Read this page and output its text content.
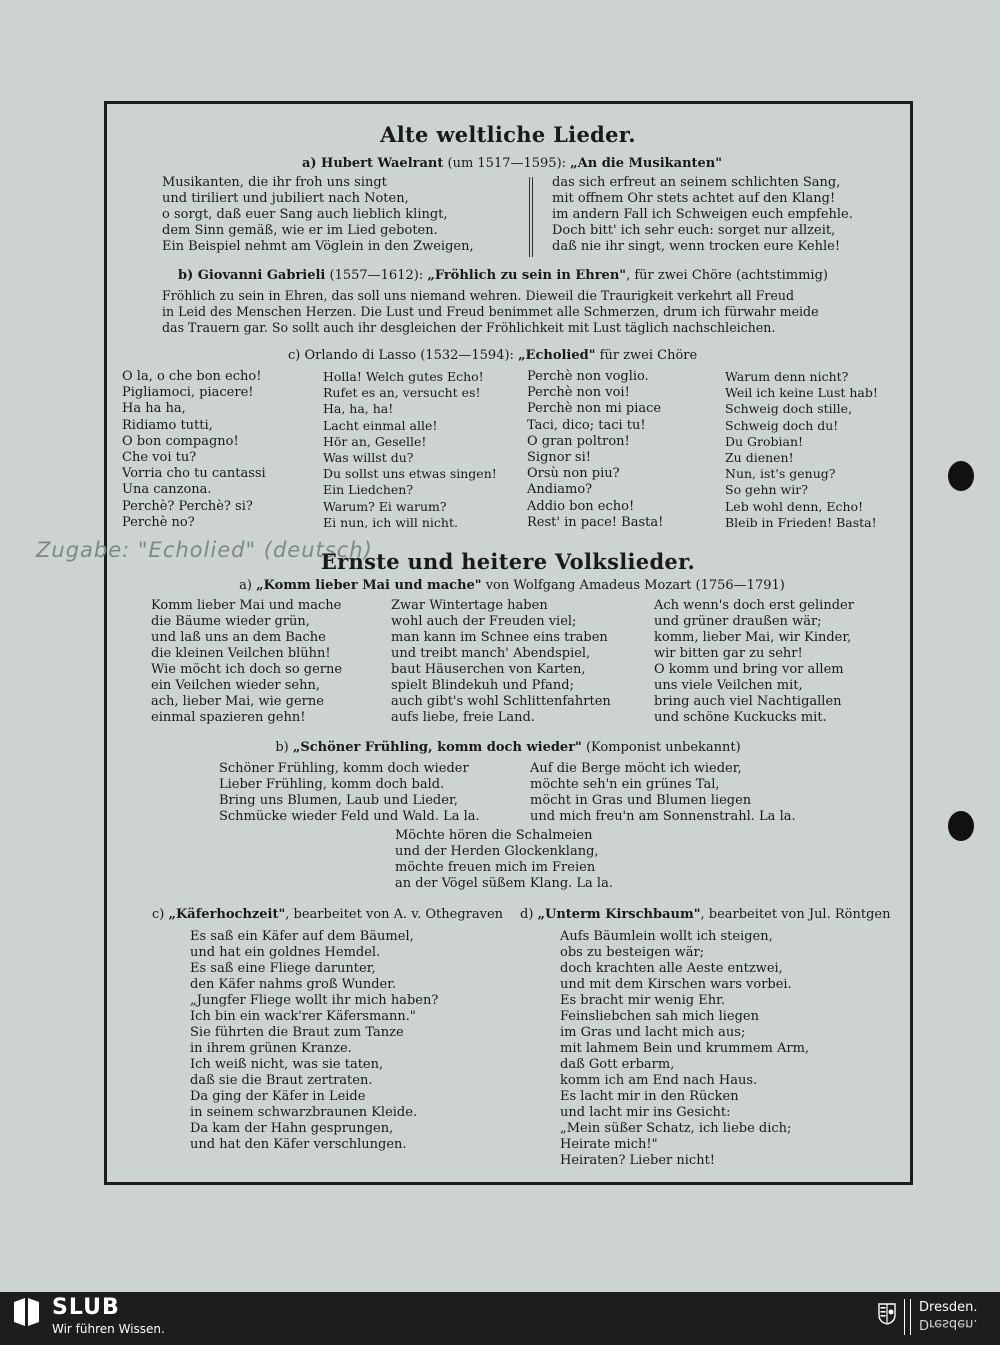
Alte weltliche Lieder.
a) Hubert Waelrant (um 1517—1595): „An die Musikanten"
Musikanten, die ihr froh uns singt
und tiriliert und jubiliert nach Noten,
o sorgt, daß euer Sang auch lieblich klingt,
dem Sinn gemäß, wie er im Lied geboten.
Ein Beispiel nehmt am Vöglein in den Zweigen,
das sich erfreut an seinem schlichten Sang,
mit offnem Ohr stets achtet auf den Klang!
im andern Fall ich Schweigen euch empfehle.
Doch bitt' ich sehr euch: sorget nur allzeit,
daß nie ihr singt, wenn trocken eure Kehle!
b) Giovanni Gabrieli (1557—1612): „Fröhlich zu sein in Ehren", für zwei Chöre (achtstimmig)
Fröhlich zu sein in Ehren, das soll uns niemand wehren. Dieweil die Traurigkeit verkehrt all Freud
in Leid des Menschen Herzen. Die Lust und Freud benimmet alle Schmerzen, drum ich fürwahr meide
das Trauern gar. So sollt auch ihr desgleichen der Fröhlichkeit mit Lust täglich nachschleichen.
c) Orlando di Lasso (1532—1594): „Echolied" für zwei Chöre
O la, o che bon echo!
Pigliamoci, piacere!
Ha ha ha,
Ridiamo tutti,
O bon compagno!
Che voi tu?
Vorria cho tu cantassi
Una canzona.
Perchè? Perchè? si?
Perchè no?
Holla! Welch gutes Echo!
Rufet es an, versucht es!
Ha, ha, ha!
Lacht einmal alle!
Hör an, Geselle!
Was willst du?
Du sollst uns etwas singen!
Ein Liedchen?
Warum? Ei warum?
Ei nun, ich will nicht.
Perchè non voglio.
Perchè non voi!
Perchè non mi piace
Taci, dico; taci tu!
O gran poltron!
Signor si!
Orsù non piu?
Andiamo?
Addio bon echo!
Rest' in pace! Basta!
Warum denn nicht?
Weil ich keine Lust hab!
Schweig doch stille,
Schweig doch du!
Du Grobian!
Zu dienen!
Nun, ist's genug?
So gehn wir?
Leb wohl denn, Echo!
Bleib in Frieden! Basta!
Zugabe: "Echolied" (deutsch)
Ernste und heitere Volkslieder.
a) „Komm lieber Mai und mache" von Wolfgang Amadeus Mozart (1756—1791)
Komm lieber Mai und mache
die Bäume wieder grün,
und laß uns an dem Bache
die kleinen Veilchen blühn!
Wie möcht ich doch so gerne
ein Veilchen wieder sehn,
ach, lieber Mai, wie gerne
einmal spazieren gehn!
Zwar Wintertage haben
wohl auch der Freuden viel;
man kann im Schnee eins traben
und treibt manch' Abendspiel,
baut Häuserchen von Karten,
spielt Blindekuh und Pfand;
auch gibt's wohl Schlittenfahrten
aufs liebe, freie Land.
Ach wenn's doch erst gelinder
und grüner draußen wär;
komm, lieber Mai, wir Kinder,
wir bitten gar zu sehr!
O komm und bring vor allem
uns viele Veilchen mit,
bring auch viel Nachtigallen
und schöne Kuckucks mit.
b) „Schöner Frühling, komm doch wieder" (Komponist unbekannt)
Schöner Frühling, komm doch wieder
Lieber Frühling, komm doch bald.
Bring uns Blumen, Laub und Lieder,
Schmücke wieder Feld und Wald. La la.
Auf die Berge möcht ich wieder,
möchte seh'n ein grünes Tal,
möcht in Gras und Blumen liegen
und mich freu'n am Sonnenstrahl. La la.
Möchte hören die Schalmeien
und der Herden Glockenklang,
möchte freuen mich im Freien
an der Vögel süßem Klang. La la.
c) „Käferhochzeit", bearbeitet von A. v. Othegraven
Es saß ein Käfer auf dem Bäumel,
und hat ein goldnes Hemdel.
Es saß eine Fliege darunter,
den Käfer nahms groß Wunder.
„Jungfer Fliege wollt ihr mich haben?
Ich bin ein wack'rer Käfersmann."
Sie führten die Braut zum Tanze
in ihrem grünen Kranze.
Ich weiß nicht, was sie taten,
daß sie die Braut zertraten.
Da ging der Käfer in Leide
in seinem schwarzbraunen Kleide.
Da kam der Hahn gesprungen,
und hat den Käfer verschlungen.
d) „Unterm Kirschbaum", bearbeitet von Jul. Röntgen
Aufs Bäumlein wollt ich steigen,
obs zu besteigen wär;
doch krachten alle Aeste entzwei,
und mit dem Kirschen wars vorbei.
Es bracht mir wenig Ehr.
Feinsliebchen sah mich liegen
im Gras und lacht mich aus;
mit lahmem Bein und krummem Arm,
daß Gott erbarm,
komm ich am End nach Haus.
Es lacht mir in den Rücken
und lacht mir ins Gesicht:
„Mein süßer Schatz, ich liebe dich;
Heirate mich!"
Heiraten? Lieber nicht!
SLUB
Wir führen Wissen.
Dresden.
Dresden.
